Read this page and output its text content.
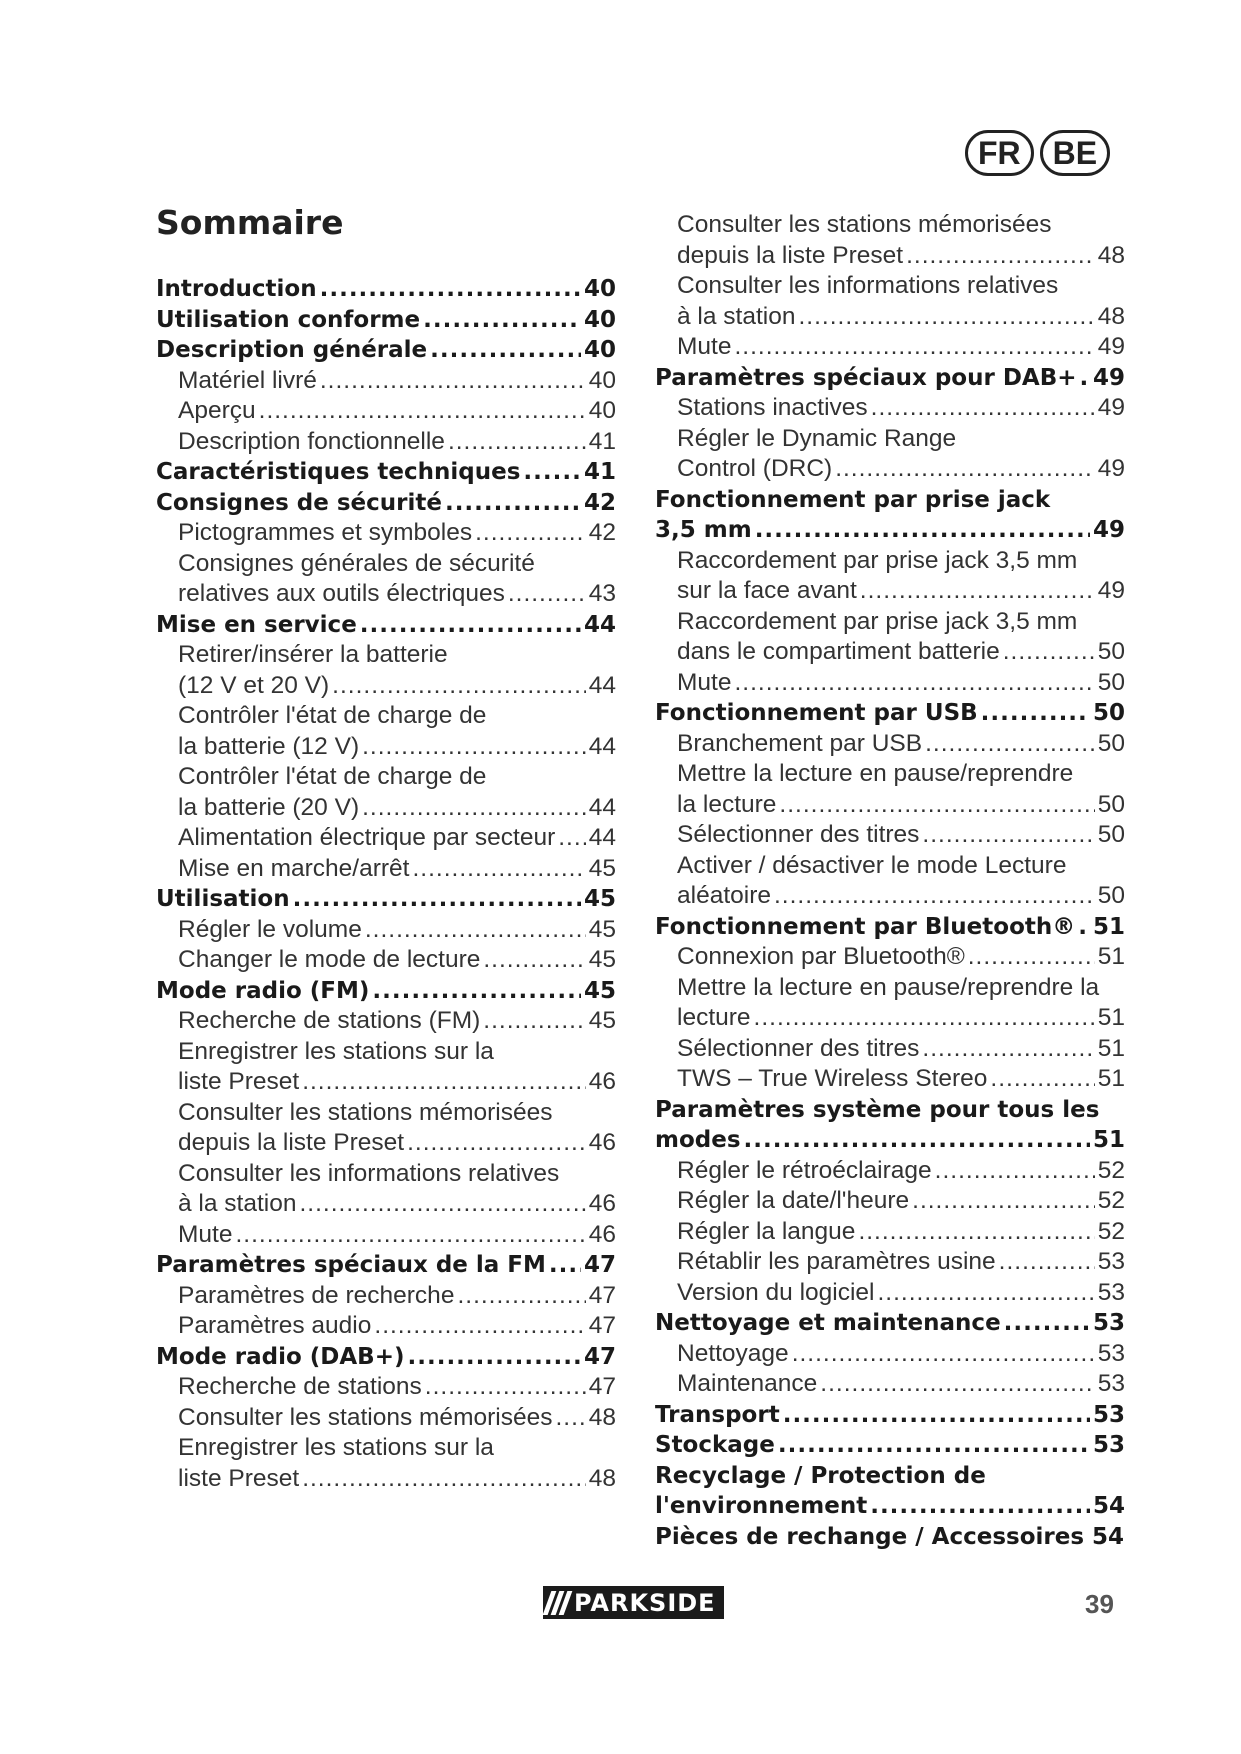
FR	BE
Sommaire
Introduction .....	40
Utilisation conforme .....	40
Description générale .....	40
Matériel livré .....	40
Aperçu .....	40
Description fonctionnelle .....	41
Caractéristiques techniques .....	41
Consignes de sécurité .....	42
Pictogrammes et symboles .....	42
Consignes générales de sécurité
relatives aux outils électriques .....	43
Mise en service .....	44
Retirer/insérer la batterie
(12 V et 20 V) .....	44
Contrôler l'état de charge de
la batterie (12 V) .....	44
Contrôler l'état de charge de
la batterie (20 V) .....	44
Alimentation électrique par secteur ..... 44
Mise en marche/arrêt .....	45
Utilisation .....	45
Régler le volume .....	45
Changer le mode de lecture .....	45
Mode radio (FM) .....	45
Recherche de stations (FM) .....	45
Enregistrer les stations sur la
liste Preset .....	46
Consulter les stations mémorisées
depuis la liste Preset .....	46
Consulter les informations relatives
à la station .....	46
Mute .....	46
Paramètres spéciaux de la FM ..... 47
Paramètres de recherche .....	47
Paramètres audio .....	47
Mode radio (DAB+) .....	47
Recherche de stations .....	47
Consulter les stations mémorisées ..... 48
Enregistrer les stations sur la
liste Preset .....	48
Consulter les stations mémorisées
depuis la liste Preset .....	48
Consulter les informations relatives
à la station .....	48
Mute .....	49
Paramètres spéciaux pour DAB+ ..... 49
Stations inactives .....	49
Régler le Dynamic Range
Control (DRC) .....	49
Fonctionnement par prise jack
3,5 mm .....	49
Raccordement par prise jack 3,5 mm
sur la face avant .....	49
Raccordement par prise jack 3,5 mm
dans le compartiment batterie .....	50
Mute .....	50
Fonctionnement par USB .....	50
Branchement par USB .....	50
Mettre la lecture en pause/reprendre
la lecture .....	50
Sélectionner des titres .....	50
Activer / désactiver le mode Lecture
aléatoire .....	50
Fonctionnement par Bluetooth® ..... 51
Connexion par Bluetooth® .....	51
Mettre la lecture en pause/reprendre la
lecture .....	51
Sélectionner des titres .....	51
TWS – True Wireless Stereo .....	51
Paramètres système pour tous les
modes .....	51
Régler le rétroéclairage .....	52
Régler la date/l'heure .....	52
Régler la langue .....	52
Rétablir les paramètres usine .....	53
Version du logiciel .....	53
Nettoyage et maintenance .....	53
Nettoyage .....	53
Maintenance .....	53
Transport .....	53
Stockage .....	53
Recyclage / Protection de
l'environnement .....	54
Pièces de rechange / Accessoires
54
PARKSIDE	39
